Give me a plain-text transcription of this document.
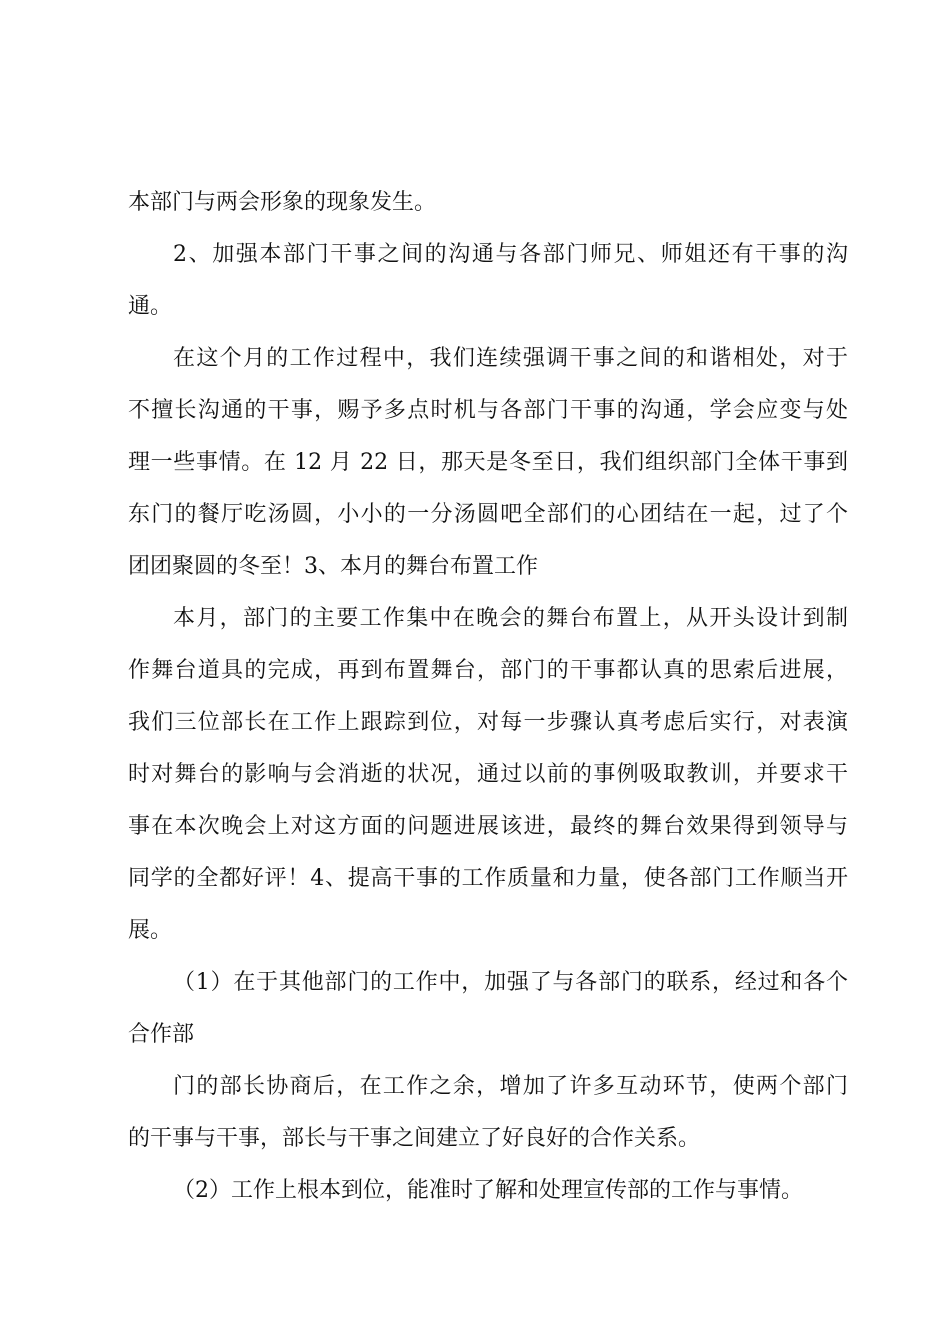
本部门与两会形象的现象发生。
2、加强本部门干事之间的沟通与各部门师兄、师姐还有干事的沟
通。
在这个月的工作过程中，我们连续强调干事之间的和谐相处，对于
不擅长沟通的干事，赐予多点时机与各部门干事的沟通，学会应变与处
理一些事情。在 12 月 22 日，那天是冬至日，我们组织部门全体干事到
东门的餐厅吃汤圆，小小的一分汤圆吧全部们的心团结在一起，过了个
团团聚圆的冬至！3、本月的舞台布置工作
本月，部门的主要工作集中在晚会的舞台布置上，从开头设计到制
作舞台道具的完成，再到布置舞台，部门的干事都认真的思索后进展，
我们三位部长在工作上跟踪到位，对每一步骤认真考虑后实行，对表演
时对舞台的影响与会消逝的状况，通过以前的事例吸取教训，并要求干
事在本次晚会上对这方面的问题进展该进，最终的舞台效果得到领导与
同学的全都好评！4、提高干事的工作质量和力量，使各部门工作顺当开
展。
（1）在于其他部门的工作中，加强了与各部门的联系，经过和各个
合作部
门的部长协商后，在工作之余，增加了许多互动环节，使两个部门
的干事与干事，部长与干事之间建立了好良好的合作关系。
（2）工作上根本到位，能准时了解和处理宣传部的工作与事情。
